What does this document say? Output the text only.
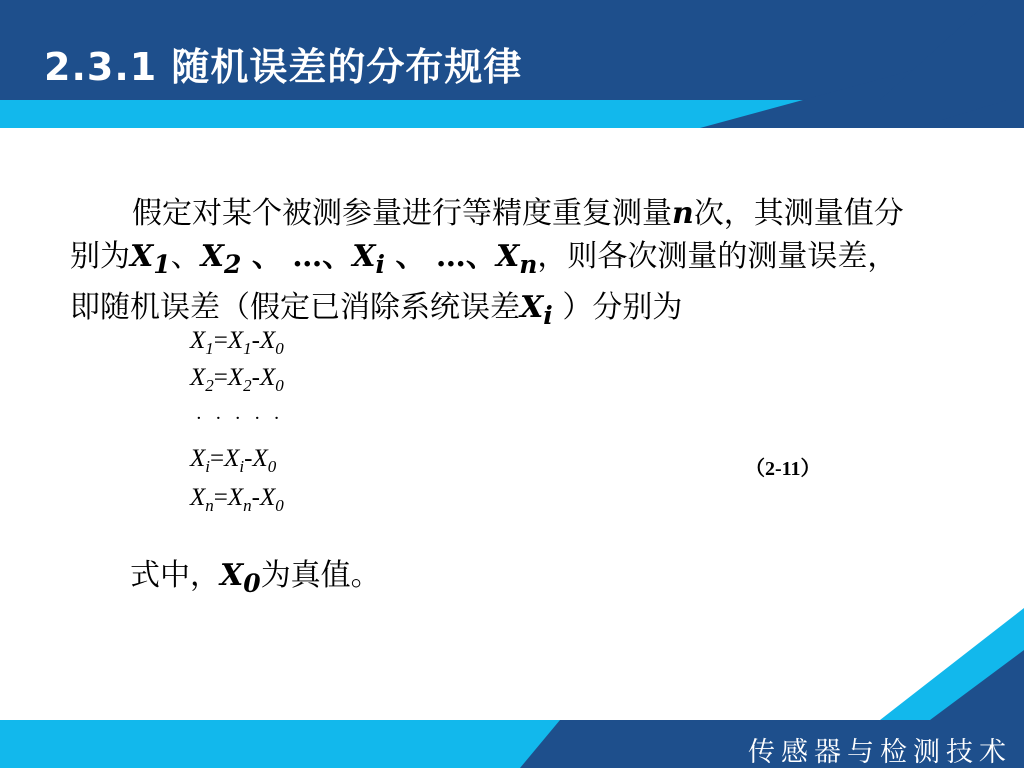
2.3.1 随机误差的分布规律
假定对某个被测参量进行等精度重复测量n次，其测量值分别为$X_1$、$X_2$ 、 …、$X_i$ 、 …、$X_n$，则各次测量的测量误差，即随机误差（假定已消除系统误差$X_i$ ）分别为
$X_1=X_1-X_0$
$X_2=X_2-X_0$
· · · · ·
$X_i=X_i-X_0$
$X_n=X_n-X_0$
（2-11）
式中，$X_0$为真值。
传感器与检测技术
